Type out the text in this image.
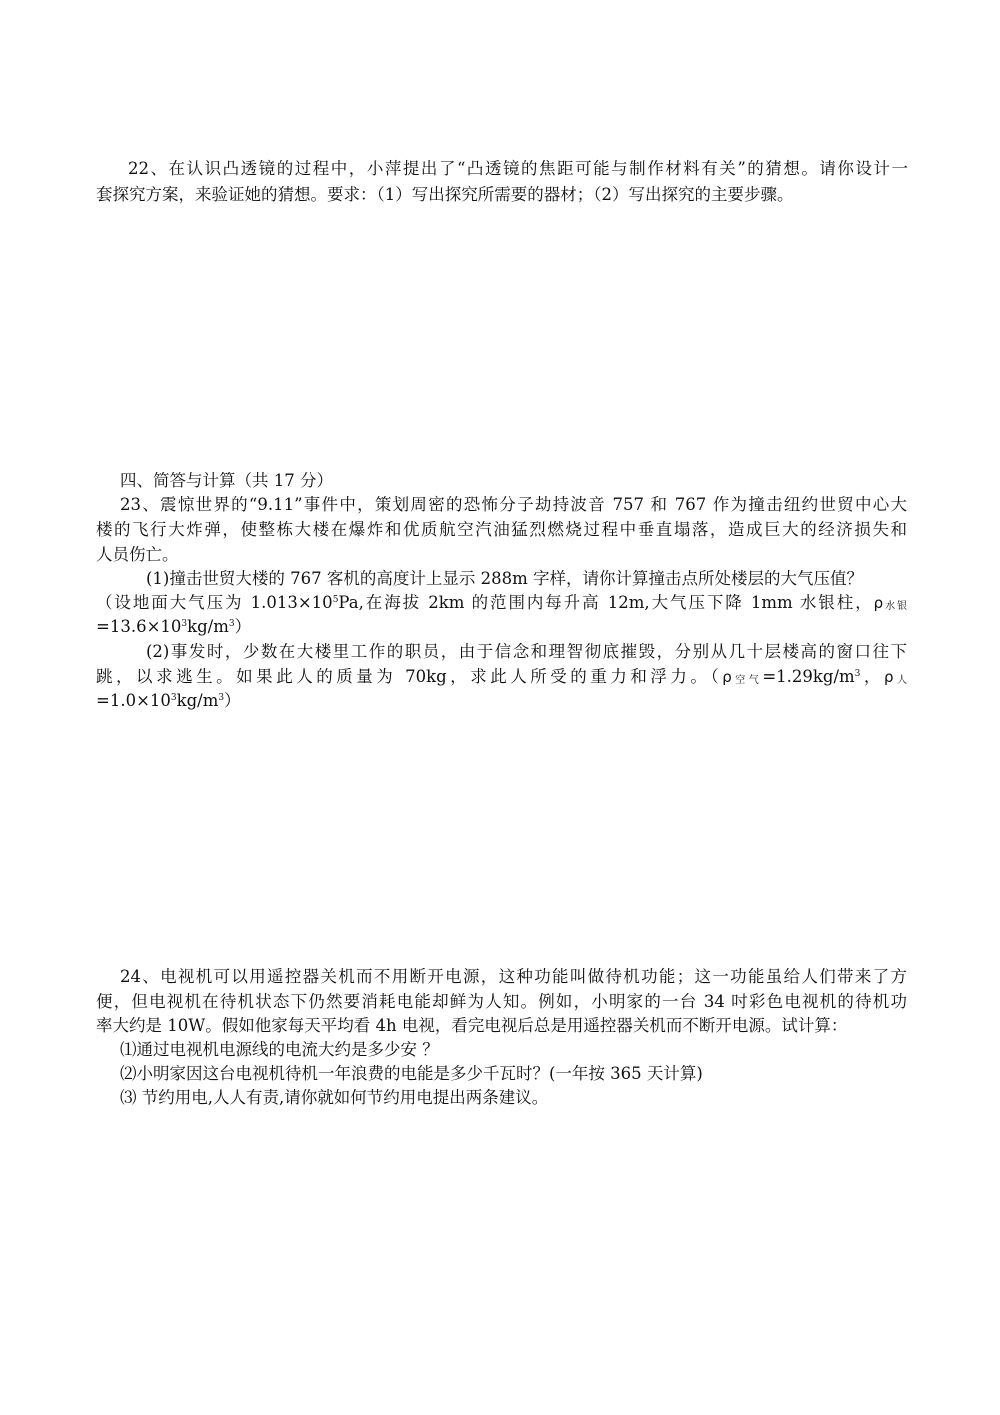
22、在认识凸透镜的过程中，小萍提出了“凸透镜的焦距可能与制作材料有关”的猜想。请你设计一
套探究方案，来验证她的猜想。要求：（1）写出探究所需要的器材；（2）写出探究的主要步骤。
四、简答与计算（共 17 分）
23、震惊世界的“9.11”事件中，策划周密的恐怖分子劫持波音 757 和 767 作为撞击纽约世贸中心大
楼的飞行大炸弹，使整栋大楼在爆炸和优质航空汽油猛烈燃烧过程中垂直塌落，造成巨大的经济损失和
人员伤亡。
(1)撞击世贸大楼的 767 客机的高度计上显示 288m 字样，请你计算撞击点所处楼层的大气压值？
（设地面大气压为 $1.013\times 10^5Pa$,在海拔 2km 的范围内每升高 12m,大气压下降 1mm 水银柱，$\rho_{水银}$
$=13.6\times 10^3kg/m^3$）
(2)事发时，少数在大楼里工作的职员，由于信念和理智彻底摧毁，分别从几十层楼高的窗口往下
跳，以求逃生。如果此人的质量为 70kg，求此人所受的重力和浮力。（$\rho_{空气}=1.29kg/m^3$，$\rho_人$
$=1.0\times 10^3kg/m^3$）
24、电视机可以用遥控器关机而不用断开电源，这种功能叫做待机功能；这一功能虽给人们带来了方
便，但电视机在待机状态下仍然要消耗电能却鲜为人知。例如，小明家的一台 34 吋彩色电视机的待机功
率大约是 10W。假如他家每天平均看 4h 电视，看完电视后总是用遥控器关机而不断开电源。试计算：
⑴通过电视机电源线的电流大约是多少安 ？
⑵小明家因这台电视机待机一年浪费的电能是多少千瓦时？(一年按 365 天计算)
⑶ 节约用电,人人有责,请你就如何节约用电提出两条建议。
